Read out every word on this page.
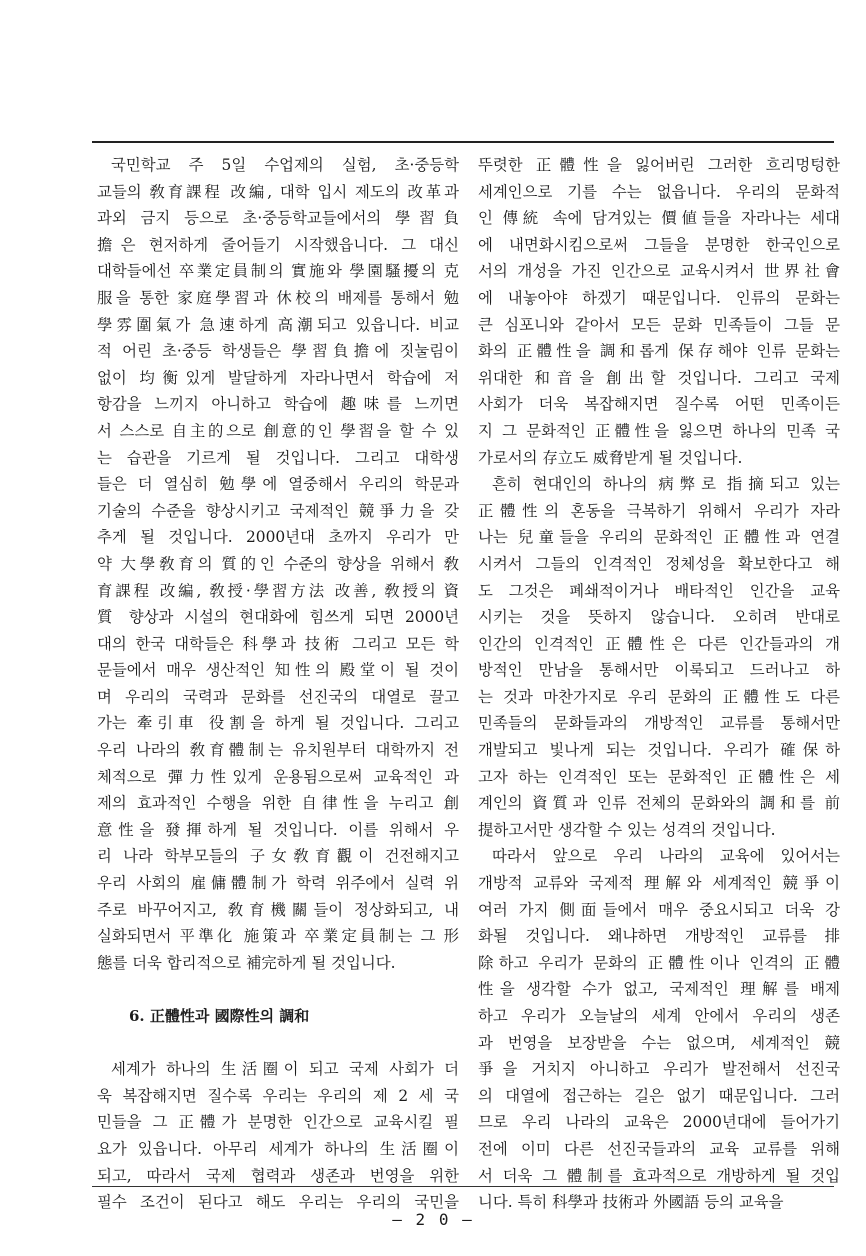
국민학교 주 5일 수업제의 실험, 초·중등학
교들의 敎育課程 改編, 대학 입시 제도의 改革과
과외 금지 등으로 초·중등학교들에서의 學習負
擔은 현저하게 줄어들기 시작했읍니다. 그 대신
대학들에선 卒業定員制의 實施와 學園騷擾의 克
服을 통한 家庭學習과 休校의 배제를 통해서 勉
學雰圍氣가 急速하게 高潮되고 있읍니다. 비교
적 어린 초·중등 학생들은 學習負擔에 짓눌림이
없이 均衡있게 발달하게 자라나면서 학습에 저
항감을 느끼지 아니하고 학습에 趣味를 느끼면
서 스스로 自主的으로 創意的인 學習을 할 수 있
는 습관을 기르게 될 것입니다. 그리고 대학생
들은 더 열심히 勉學에 열중해서 우리의 학문과
기술의 수준을 향상시키고 국제적인 競爭力을 갖
추게 될 것입니다. 2000년대 초까지 우리가 만
약 大學敎育의 質的인 수준의 향상을 위해서 敎
育課程 改編, 敎授·學習方法 改善, 敎授의 資
質 향상과 시설의 현대화에 힘쓰게 되면 2000년
대의 한국 대학들은 科學과 技術 그리고 모든 학
문들에서 매우 생산적인 知性의 殿堂이 될 것이
며 우리의 국력과 문화를 선진국의 대열로 끌고
가는 牽引車 役割을 하게 될 것입니다. 그리고
우리 나라의 敎育體制는 유치원부터 대학까지 전
체적으로 彈力性있게 운용됨으로써 교육적인 과
제의 효과적인 수행을 위한 自律性을 누리고 創
意性을 發揮하게 될 것입니다. 이를 위해서 우
리 나라 학부모들의 子女敎育觀이 건전해지고
우리 사회의 雇傭體制가 학력 위주에서 실력 위
주로 바꾸어지고, 敎育機關들이 정상화되고, 내
실화되면서 平準化 施策과 卒業定員制는 그 形
態를 더욱 합리적으로 補完하게 될 것입니다.
6. 正體性과 國際性의 調和
세계가 하나의 生活圈이 되고 국제 사회가 더
욱 복잡해지면 질수록 우리는 우리의 제 2 세 국
민들을 그 正體가 분명한 인간으로 교육시킬 필
요가 있읍니다. 아무리 세계가 하나의 生活圈이
되고, 따라서 국제 협력과 생존과 번영을 위한
필수 조건이 된다고 해도 우리는 우리의 국민을
뚜렷한 正體性을 잃어버린 그러한 흐리멍텅한
세계인으로 기를 수는 없읍니다. 우리의 문화적
인 傳統 속에 담겨있는 價値들을 자라나는 세대
에 내면화시킴으로써 그들을 분명한 한국인으로
서의 개성을 가진 인간으로 교육시켜서 世界社會
에 내놓아야 하겠기 때문입니다. 인류의 문화는
큰 심포니와 같아서 모든 문화 민족들이 그들 문
화의 正體性을 調和롭게 保存해야 인류 문화는
위대한 和音을 創出할 것입니다. 그리고 국제
사회가 더욱 복잡해지면 질수록 어떤 민족이든
지 그 문화적인 正體性을 잃으면 하나의 민족 국
가로서의 存立도 威脅받게 될 것입니다.
흔히 현대인의 하나의 病弊로 指摘되고 있는
正體性의 혼동을 극복하기 위해서 우리가 자라
나는 兒童들을 우리의 문화적인 正體性과 연결
시켜서 그들의 인격적인 정체성을 확보한다고 해
도 그것은 폐쇄적이거나 배타적인 인간을 교육
시키는 것을 뜻하지 않습니다. 오히려 반대로
인간의 인격적인 正體性은 다른 인간들과의 개
방적인 만남을 통해서만 이룩되고 드러나고 하
는 것과 마찬가지로 우리 문화의 正體性도 다른
민족들의 문화들과의 개방적인 교류를 통해서만
개발되고 빛나게 되는 것입니다. 우리가 確保하
고자 하는 인격적인 또는 문화적인 正體性은 세
계인의 資質과 인류 전체의 문화와의 調和를 前
提하고서만 생각할 수 있는 성격의 것입니다.
따라서 앞으로 우리 나라의 교육에 있어서는
개방적 교류와 국제적 理解와 세계적인 競爭이
여러 가지 側面들에서 매우 중요시되고 더욱 강
화될 것입니다. 왜냐하면 개방적인 교류를 排
除하고 우리가 문화의 正體性이나 인격의 正體
性을 생각할 수가 없고, 국제적인 理解를 배제
하고 우리가 오늘날의 세계 안에서 우리의 생존
과 번영을 보장받을 수는 없으며, 세계적인 競
爭을 거치지 아니하고 우리가 발전해서 선진국
의 대열에 접근하는 길은 없기 때문입니다. 그러
므로 우리 나라의 교육은 2000년대에 들어가기
전에 이미 다른 선진국들과의 교육 교류를 위해
서 더욱 그 體制를 효과적으로 개방하게 될 것입
니다. 특히 科學과 技術과 外國語 등의 교육을
— 2 0 —
